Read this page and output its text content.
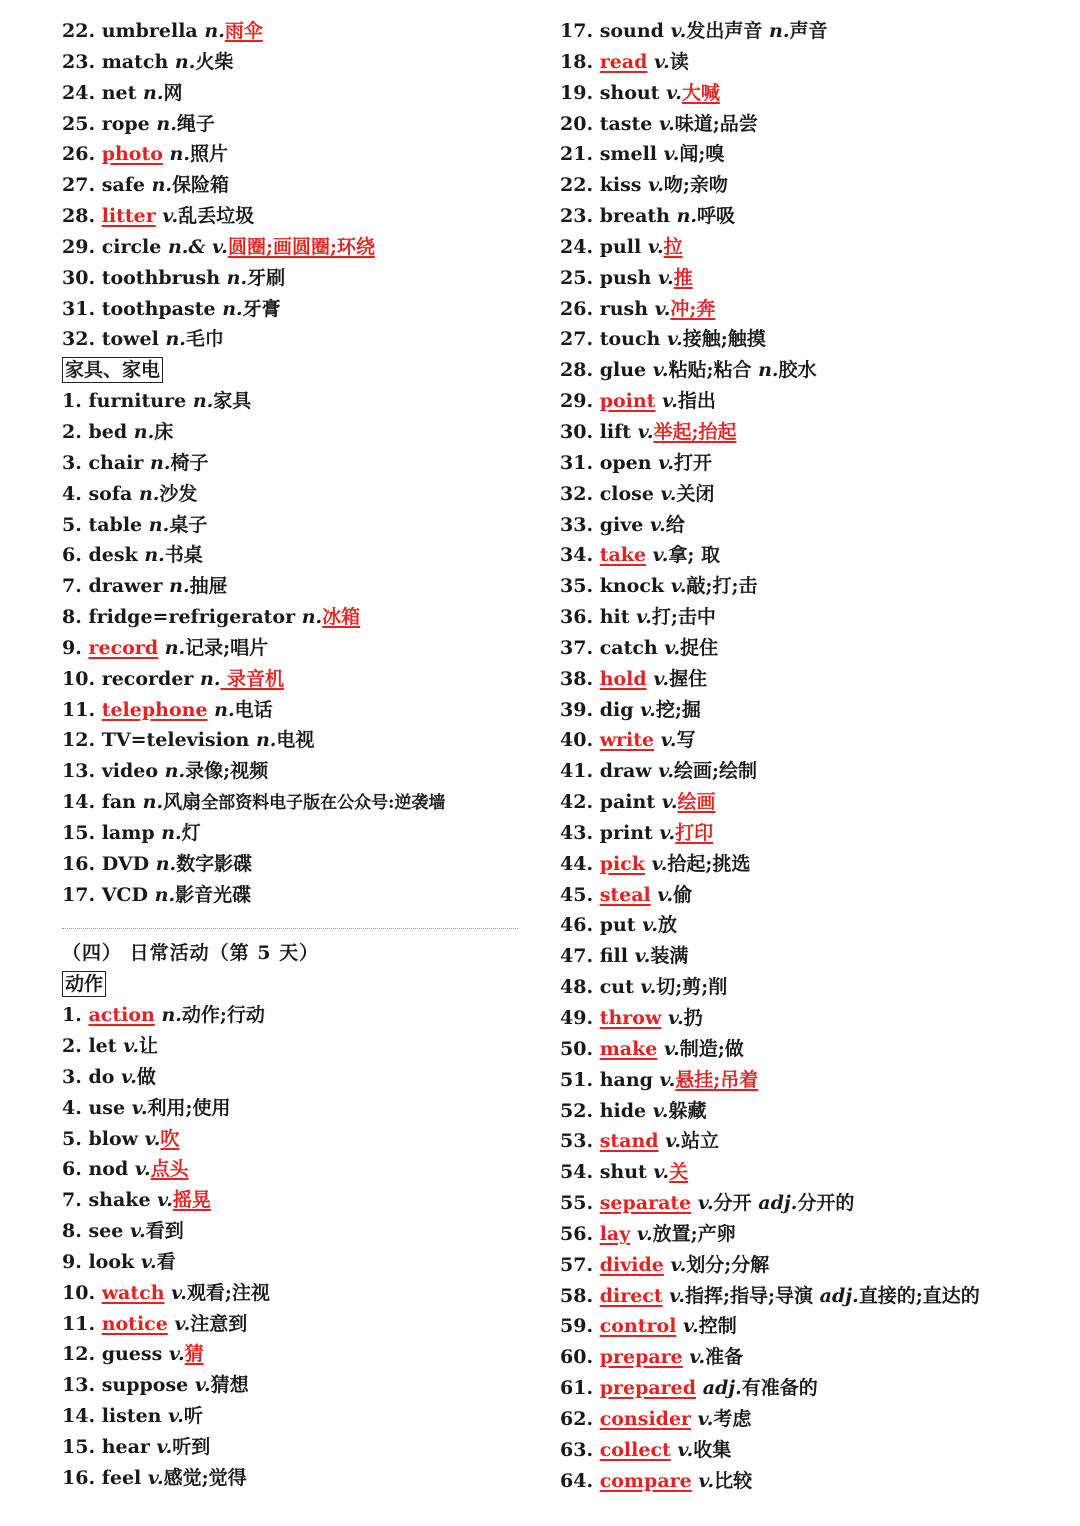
22. umbrella n.雨伞
23. match n.火柴
24. net n.网
25. rope n.绳子
26. photo n.照片
27. safe n.保险箱
28. litter v.乱丢垃圾
29. circle n.& v.圆圈;画圆圈;环绕
30. toothbrush n.牙刷
31. toothpaste n.牙膏
32. towel n.毛巾
家具、家电
1. furniture n.家具
2. bed n.床
3. chair n.椅子
4. sofa n.沙发
5. table n.桌子
6. desk n.书桌
7. drawer n.抽屉
8. fridge=refrigerator n.冰箱
9. record n.记录;唱片
10. recorder n. 录音机
11. telephone n.电话
12. TV=television n.电视
13. video n.录像;视频
14. fan n.风扇全部资料电子版在公众号:逆袭墙
15. lamp n.灯
16. DVD n.数字影碟
17. VCD n.影音光碟
（四） 日常活动（第 5 天）
动作
1. action n.动作;行动
2. let v.让
3. do v.做
4. use v.利用;使用
5. blow v.吹
6. nod v.点头
7. shake v.摇晃
8. see v.看到
9. look v.看
10. watch v.观看;注视
11. notice v.注意到
12. guess v.猜
13. suppose v.猜想
14. listen v.听
15. hear v.听到
16. feel v.感觉;觉得
17. sound v.发出声音 n.声音
18. read v.读
19. shout v.大喊
20. taste v.味道;品尝
21. smell v.闻;嗅
22. kiss v.吻;亲吻
23. breath n.呼吸
24. pull v.拉
25. push v.推
26. rush v.冲;奔
27. touch v.接触;触摸
28. glue v.粘贴;粘合 n.胶水
29. point v.指出
30. lift v.举起;抬起
31. open v.打开
32. close v.关闭
33. give v.给
34. take v.拿; 取
35. knock v.敲;打;击
36. hit v.打;击中
37. catch v.捉住
38. hold v.握住
39. dig v.挖;掘
40. write v.写
41. draw v.绘画;绘制
42. paint v.绘画
43. print v.打印
44. pick v.拾起;挑选
45. steal v.偷
46. put v.放
47. fill v.装满
48. cut v.切;剪;削
49. throw v.扔
50. make v.制造;做
51. hang v.悬挂;吊着
52. hide v.躲藏
53. stand v.站立
54. shut v.关
55. separate v.分开 adj.分开的
56. lay v.放置;产卵
57. divide v.划分;分解
58. direct v.指挥;指导;导演 adj.直接的;直达的
59. control v.控制
60. prepare v.准备
61. prepared adj.有准备的
62. consider v.考虑
63. collect v.收集
64. compare v.比较
